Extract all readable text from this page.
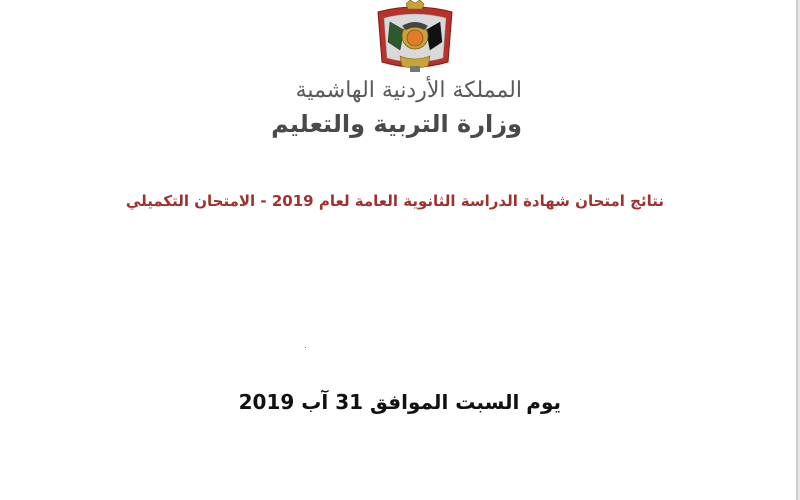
المملكة الأردنية الهاشمية
وزارة التربية والتعليم
نتائج امتحان شهادة الدراسة الثانوية العامة لعام 2019 - الامتحان التكميلي
يوم السبت الموافق 31 آب 2019
